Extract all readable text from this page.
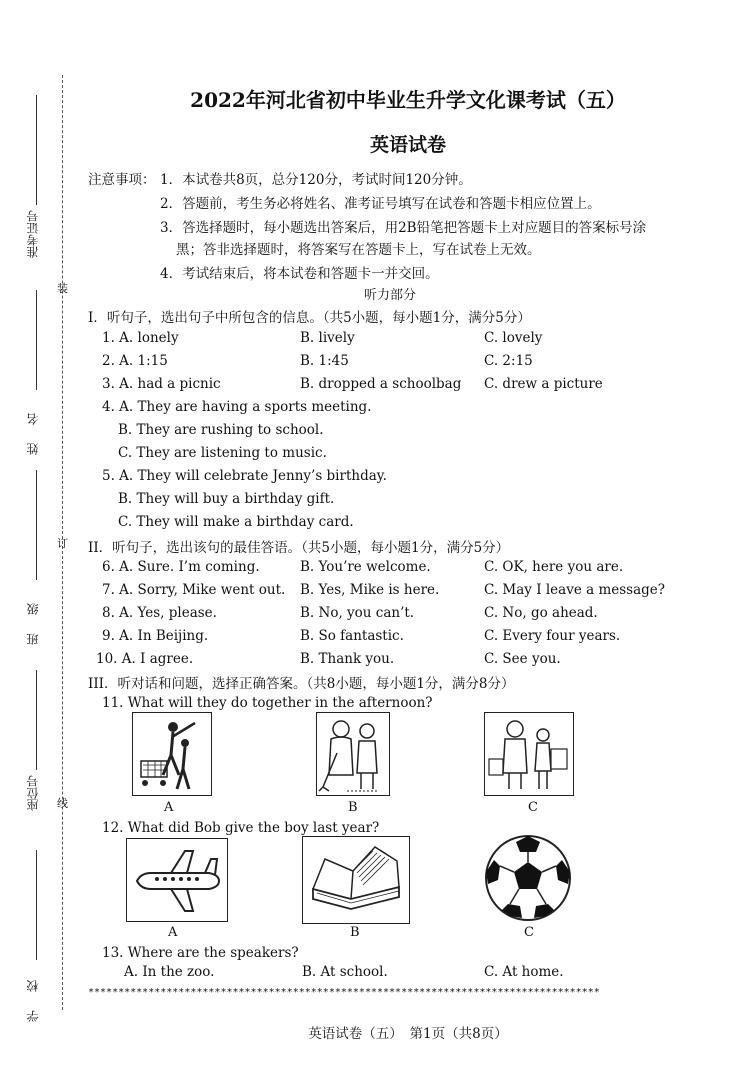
准考证号
姓名
班级
座位号
学校
装
订
线
2022年河北省初中毕业生升学文化课考试（五）
英语试卷
注意事项： 1．本试卷共8页，总分120分，考试时间120分钟。
2．答题前，考生务必将姓名、准考证号填写在试卷和答题卡相应位置上。
3．答选择题时，每小题选出答案后，用2B铅笔把答题卡上对应题目的答案标号涂
黑；答非选择题时，将答案写在答题卡上，写在试卷上无效。
4．考试结束后，将本试卷和答题卡一并交回。
听力部分
I．听句子，选出句子中所包含的信息。（共5小题，每小题1分，满分5分）
1. A. lonely	B. lively	C. lovely
2. A. 1:15	B. 1:45	C. 2:15
3. A. had a picnic	B. dropped a schoolbag C. drew a picture
4. A. They are having a sports meeting.
B. They are rushing to school.
C. They are listening to music.
5. A. They will celebrate Jenny’s birthday.
B. They will buy a birthday gift.
C. They will make a birthday card.
II．听句子，选出该句的最佳答语。（共5小题，每小题1分，满分5分）
6. A. Sure. I’m coming.	B. You’re welcome.	C. OK, here you are.
7. A. Sorry, Mike went out. B. Yes, Mike is here.	C. May I leave a message?
8. A. Yes, please.	B. No, you can’t.	C. No, go ahead.
9. A. In Beijing.	B. So fantastic.	C. Every four years.
10. A. I agree.	B. Thank you.	C. See you.
III．听对话和问题，选择正确答案。（共8小题，每小题1分，满分8分）
11. What will they do together in the afternoon?
A	B	C
12. What did Bob give the boy last year?
A	B	C
13. Where are the speakers?
A. In the zoo.	B. At school.	C. At home.
*************************************************************************************
英语试卷（五）　第1页（共8页）
